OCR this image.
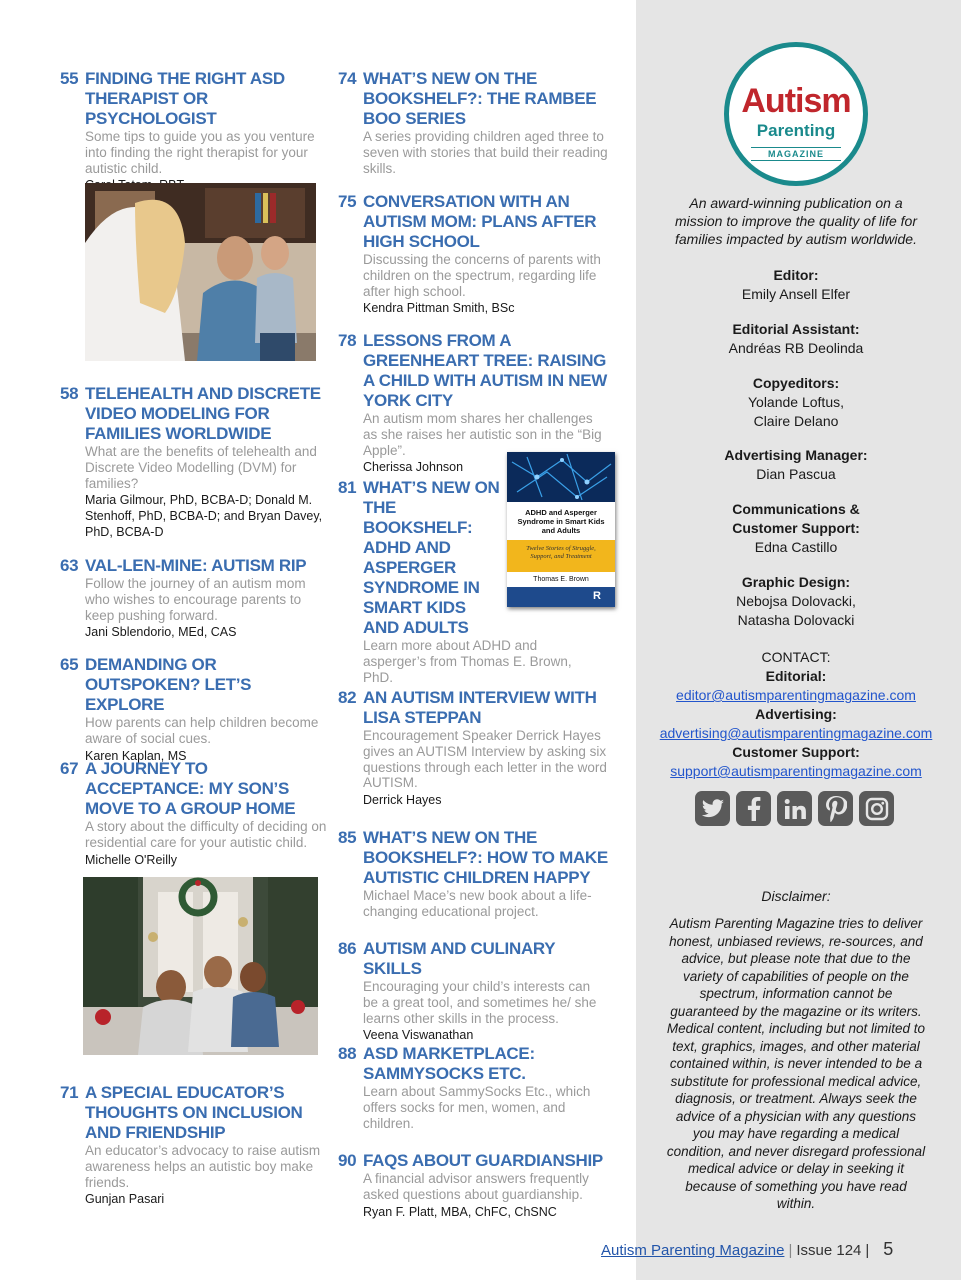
55 FINDING THE RIGHT ASD THERAPIST OR PSYCHOLOGIST
Some tips to guide you as you venture into finding the right therapist for your autistic child.
58 TELEHEALTH AND DISCRETE VIDEO MODELING FOR FAMILIES WORLDWIDE
What are the benefits of telehealth and Discrete Video Modelling (DVM) for families?
Maria Gilmour, PhD, BCBA-D; Donald M. Stenhoff, PhD, BCBA-D; and Bryan Davey, PhD, BCBA-D
63 VAL-LEN-MINE: AUTISM RIP
Follow the journey of an autism mom who wishes to encourage parents to keep pushing forward.
Jani Sblendorio, MEd, CAS
65 DEMANDING OR OUTSPOKEN? LET’S EXPLORE
How parents can help children become aware of social cues.
Karen Kaplan, MS
67 A JOURNEY TO ACCEPTANCE: MY SON’S MOVE TO A GROUP HOME
A story about the difficulty of deciding on residential care for your autistic child.
Michelle O'Reilly
71 A SPECIAL EDUCATOR’S THOUGHTS ON INCLUSION AND FRIENDSHIP
An educator’s advocacy to raise autism awareness helps an autistic boy make friends.
Gunjan Pasari
74 WHAT’S NEW ON THE BOOKSHELF?: THE RAMBEE BOO SERIES
A series providing children aged three to seven with stories that build their reading skills.
75 CONVERSATION WITH AN AUTISM MOM: PLANS AFTER HIGH SCHOOL
Discussing the concerns of parents with children on the spectrum, regarding life after high school.
Kendra Pittman Smith, BSc
78 LESSONS FROM A GREENHEART TREE: RAISING A CHILD WITH AUTISM IN NEW YORK CITY
An autism mom shares her challenges as she raises her autistic son in the “Big Apple”.
Cherissa Johnson
81 WHAT’S NEW ON THE BOOKSHELF: ADHD AND ASPERGER SYNDROME IN SMART KIDS AND ADULTS
Learn more about ADHD and asperger’s from Thomas E. Brown, PhD.
ADHD and Asperger Syndrome in Smart Kids and Adults
Twelve Stories of Struggle, Support, and Treatment
Thomas E. Brown
R
82 AN AUTISM INTERVIEW WITH LISA STEPPAN
Encouragement Speaker Derrick Hayes gives an AUTISM Interview by asking six questions through each letter in the word AUTISM.
Derrick Hayes
85 WHAT’S NEW ON THE BOOKSHELF?: HOW TO MAKE AUTISTIC CHILDREN HAPPY
Michael Mace’s new book about a life-changing educational project.
86 AUTISM AND CULINARY SKILLS
Encouraging your child’s interests can be a great tool, and sometimes he/ she learns other skills in the process.
Veena Viswanathan
88 ASD MARKETPLACE: SAMMYSOCKS ETC.
Learn about SammySocks Etc., which offers socks for men, women, and children.
90 FAQS ABOUT GUARDIANSHIP
A financial advisor answers frequently asked questions about guardianship.
Ryan F. Platt, MBA, ChFC, ChSNC
Autism
Parenting
MAGAZINE
An award-winning publication on a mission to improve the quality of life for families impacted by autism worldwide.
Editor:
Emily Ansell Elfer
Editorial Assistant:
Andréas RB Deolinda
Copyeditors:
Yolande Loftus,
Claire Delano
Advertising Manager:
Dian Pascua
Communications &
Customer Support:
Edna Castillo
Graphic Design:
Nebojsa Dolovacki,
Natasha Dolovacki
CONTACT:
Editorial:
editor@autismparentingmagazine.com
Advertising:
advertising@autismparentingmagazine.com
Customer Support:
support@autismparentingmagazine.com
Disclaimer:
Autism Parenting Magazine tries to deliver honest, unbiased reviews, re-sources, and advice, but please note that due to the variety of capabilities of people on the spectrum, information cannot be guaranteed by the magazine or its writers. Medical content, including but not limited to text, graphics, images, and other material contained within, is never intended to be a substitute for professional medical advice, diagnosis, or treatment. Always seek the advice of a physician with any questions you may have regarding a medical condition, and never disregard professional medical advice or delay in seeking it because of something you have read within.
Autism Parenting Magazine | Issue 124 | 5
